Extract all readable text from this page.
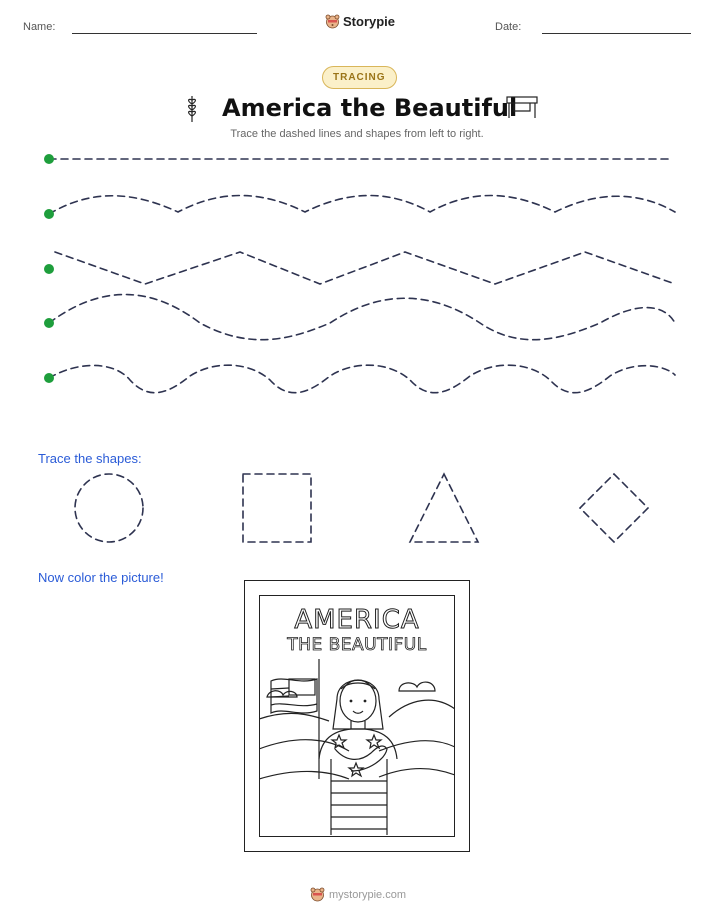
Name:	Storypie	Date:
TRACING
America the Beautiful
Trace the dashed lines and shapes from left to right.
Trace the shapes:
Now color the picture!
AMERICA
THE BEAUTIFUL
mystorypie.com
